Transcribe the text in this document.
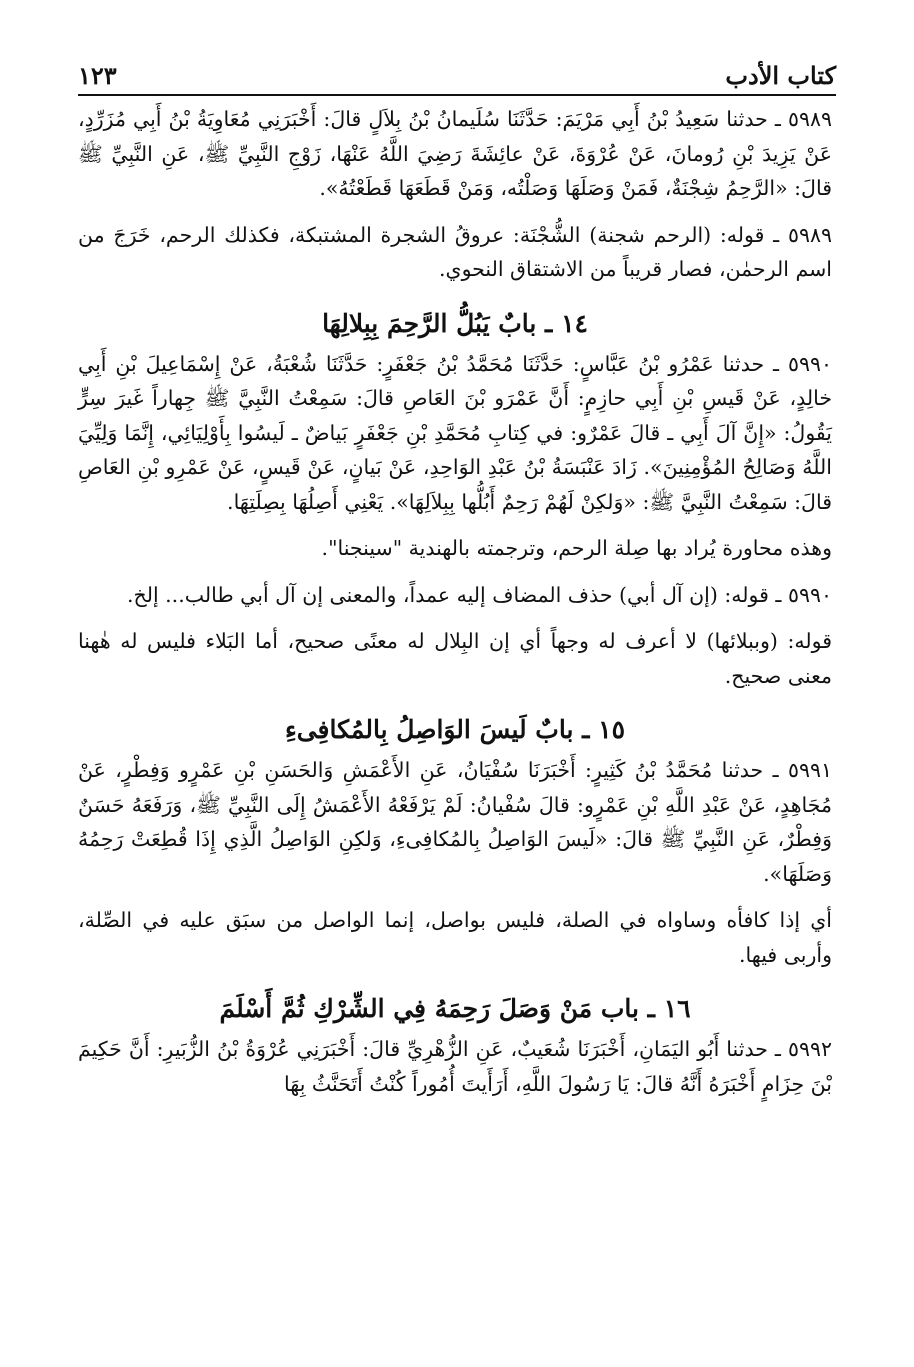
كتاب الأدب
١٢٣

٥٩٨٩ ـ حدثنا سَعِيدُ بْنُ أَبِي مَرْيَمَ: حَدَّثَنَا سُلَيمانُ بْنُ بِلاَلٍ قالَ: أَخْبَرَنِي مُعَاوِيَةُ بْنُ أَبِي مُزَرِّدٍ، عَنْ يَزِيدَ بْنِ رُومانَ، عَنْ عُرْوَةَ، عَنْ عائِشَةَ رَضِيَ اللَّهُ عَنْهَا، زَوْجِ النَّبِيِّ ﷺ، عَنِ النَّبِيِّ ﷺ قالَ: «الرَّحِمُ شِجْنَةٌ، فَمَنْ وَصَلَهَا وَصَلْتُه، وَمَنْ قَطَعَهَا قَطَعْتُهُ».

٥٩٨٩ ـ قوله: (الرحم شجنة) الشُّجْنَة: عروقُ الشجرة المشتبكة، فكذلك الرحم، خَرَجَ من اسم الرحمٰن، فصار قريباً من الاشتقاق النحوي.

١٤ ـ بابٌ يَبُلُّ الرَّحِمَ بِبِلالِهَا

٥٩٩٠ ـ حدثنا عَمْرُو بْنُ عَبَّاسٍ: حَدَّثَنَا مُحَمَّدُ بْنُ جَعْفَرٍ: حَدَّثَنَا شُعْبَةُ، عَنْ إِسْمَاعِيلَ بْنِ أَبِي خالِدٍ، عَنْ قَيسِ بْنِ أَبِي حازِمٍ: أَنَّ عَمْرَو بْنَ العَاصِ قالَ: سَمِعْتُ النَّبِيَّ ﷺ جِهاراً غَيرَ سِرٍّ يَقُولُ: «إِنَّ آلَ أَبِي ـ قالَ عَمْرٌو: في كِتابِ مُحَمَّدِ بْنِ جَعْفَرٍ بَياضٌ ـ لَيسُوا بِأَوْلِيَائِي، إِنَّمَا وَلِيِّيَ اللَّهُ وَصَالِحُ المُؤْمِنِينَ». زَادَ عَنْبَسَةُ بْنُ عَبْدِ الوَاحِدِ، عَنْ بَيانٍ، عَنْ قَيسٍ، عَنْ عَمْرِو بْنِ العَاصِ قالَ: سَمِعْتُ النَّبِيَّ ﷺ: «وَلكِنْ لَهُمْ رَحِمٌ أَبُلُّها بِبِلاَلِهَا». يَعْنِي أَصِلُهَا بِصِلَتِهَا.

وهذه محاورة يُراد بها صِلة الرحم، وترجمته بالهندية "سينجنا".

٥٩٩٠ ـ قوله: (إن آل أبي) حذف المضاف إليه عمداً، والمعنى إن آل أبي طالب... إلخ.

قوله: (وببلائها) لا أعرف له وجهاً أي إن البِلال له معنًى صحيح، أما البَلاء فليس له هٰهنا معنى صحيح.

١٥ ـ بابٌ لَيسَ الوَاصِلُ بِالمُكافِىءِ

٥٩٩١ ـ حدثنا مُحَمَّدُ بْنُ كَثِيرٍ: أَخْبَرَنَا سُفْيَانُ، عَنِ الأَعْمَشِ وَالحَسَنِ بْنِ عَمْرٍو وَفِطْرٍ، عَنْ مُجَاهِدٍ، عَنْ عَبْدِ اللَّهِ بْنِ عَمْرٍو: قالَ سُفْيانُ: لَمْ يَرْفَعْهُ الأَعْمَشُ إِلَى النَّبِيِّ ﷺ، وَرَفَعَهُ حَسَنٌ وَفِطْرٌ، عَنِ النَّبِيِّ ﷺ قالَ: «لَيسَ الوَاصِلُ بِالمُكافِىءِ، وَلكِنِ الوَاصِلُ الَّذِي إِذَا قُطِعَتْ رَحِمُهُ وَصَلَهَا».

أي إذا كافأه وساواه في الصلة، فليس بواصل، إنما الواصل من سبَق عليه في الصِّلة، وأربى فيها.

١٦ ـ باب مَنْ وَصَلَ رَحِمَهُ فِي الشِّرْكِ ثُمَّ أَسْلَمَ

٥٩٩٢ ـ حدثنا أَبُو اليَمَانِ، أَخْبَرَنَا شُعَيبٌ، عَنِ الزُّهْرِيِّ قالَ: أَخْبَرَنِي عُرْوَةُ بْنُ الزُّبَيرِ: أَنَّ حَكِيمَ بْنَ حِزَامٍ أَخْبَرَهُ أَنَّهُ قالَ: يَا رَسُولَ اللَّهِ، أَرَأَيتَ أُمُوراً كُنْتُ أَتَحَنَّثُ بِهَا
